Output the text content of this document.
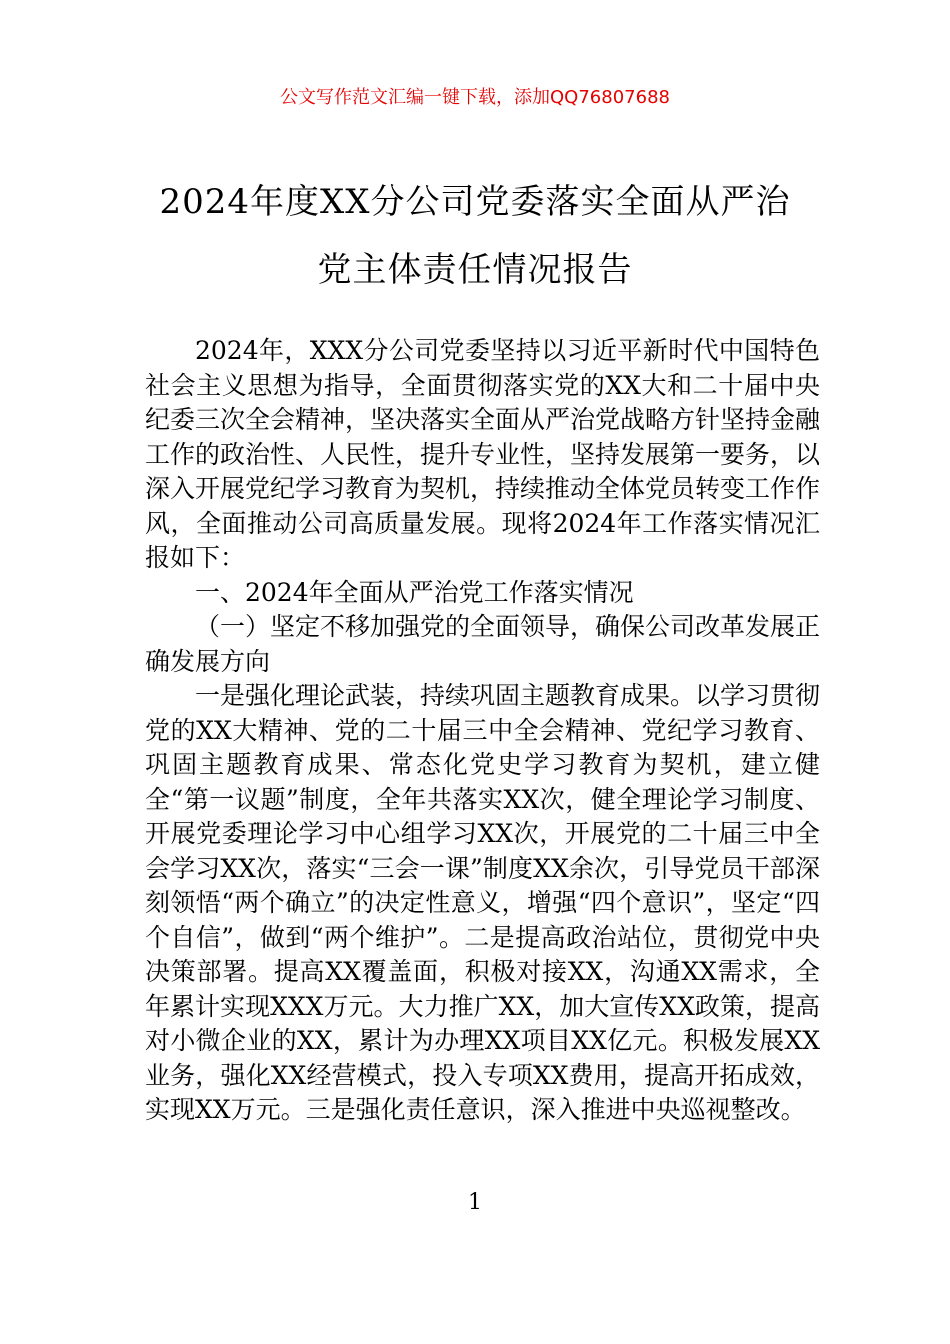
公文写作范文汇编一键下载，添加QQ76807688
2024年度XX分公司党委落实全面从严治
党主体责任情况报告

2024年，XXX分公司党委坚持以习近平新时代中国特色社会主义思想为指导，全面贯彻落实党的XX大和二十届中央纪委三次全会精神，坚决落实全面从严治党战略方针坚持金融工作的政治性、人民性，提升专业性，坚持发展第一要务，以深入开展党纪学习教育为契机，持续推动全体党员转变工作作风，全面推动公司高质量发展。现将2024年工作落实情况汇报如下：

一、2024年全面从严治党工作落实情况

（一）坚定不移加强党的全面领导，确保公司改革发展正确发展方向

一是强化理论武装，持续巩固主题教育成果。以学习贯彻党的XX大精神、党的二十届三中全会精神、党纪学习教育、巩固主题教育成果、常态化党史学习教育为契机，建立健全“第一议题”制度，全年共落实XX次，健全理论学习制度、开展党委理论学习中心组学习XX次，开展党的二十届三中全会学习XX次，落实“三会一课”制度XX余次，引导党员干部深刻领悟“两个确立”的决定性意义，增强“四个意识”，坚定“四个自信”，做到“两个维护”。二是提高政治站位，贯彻党中央决策部署。提高XX覆盖面，积极对接XX，沟通XX需求，全年累计实现XXX万元。大力推广XX，加大宣传XX政策，提高对小微企业的XX，累计为办理XX项目XX亿元。积极发展XX业务，强化XX经营模式，投入专项XX费用，提高开拓成效，实现XX万元。三是强化责任意识，深入推进中央巡视整改。

1
